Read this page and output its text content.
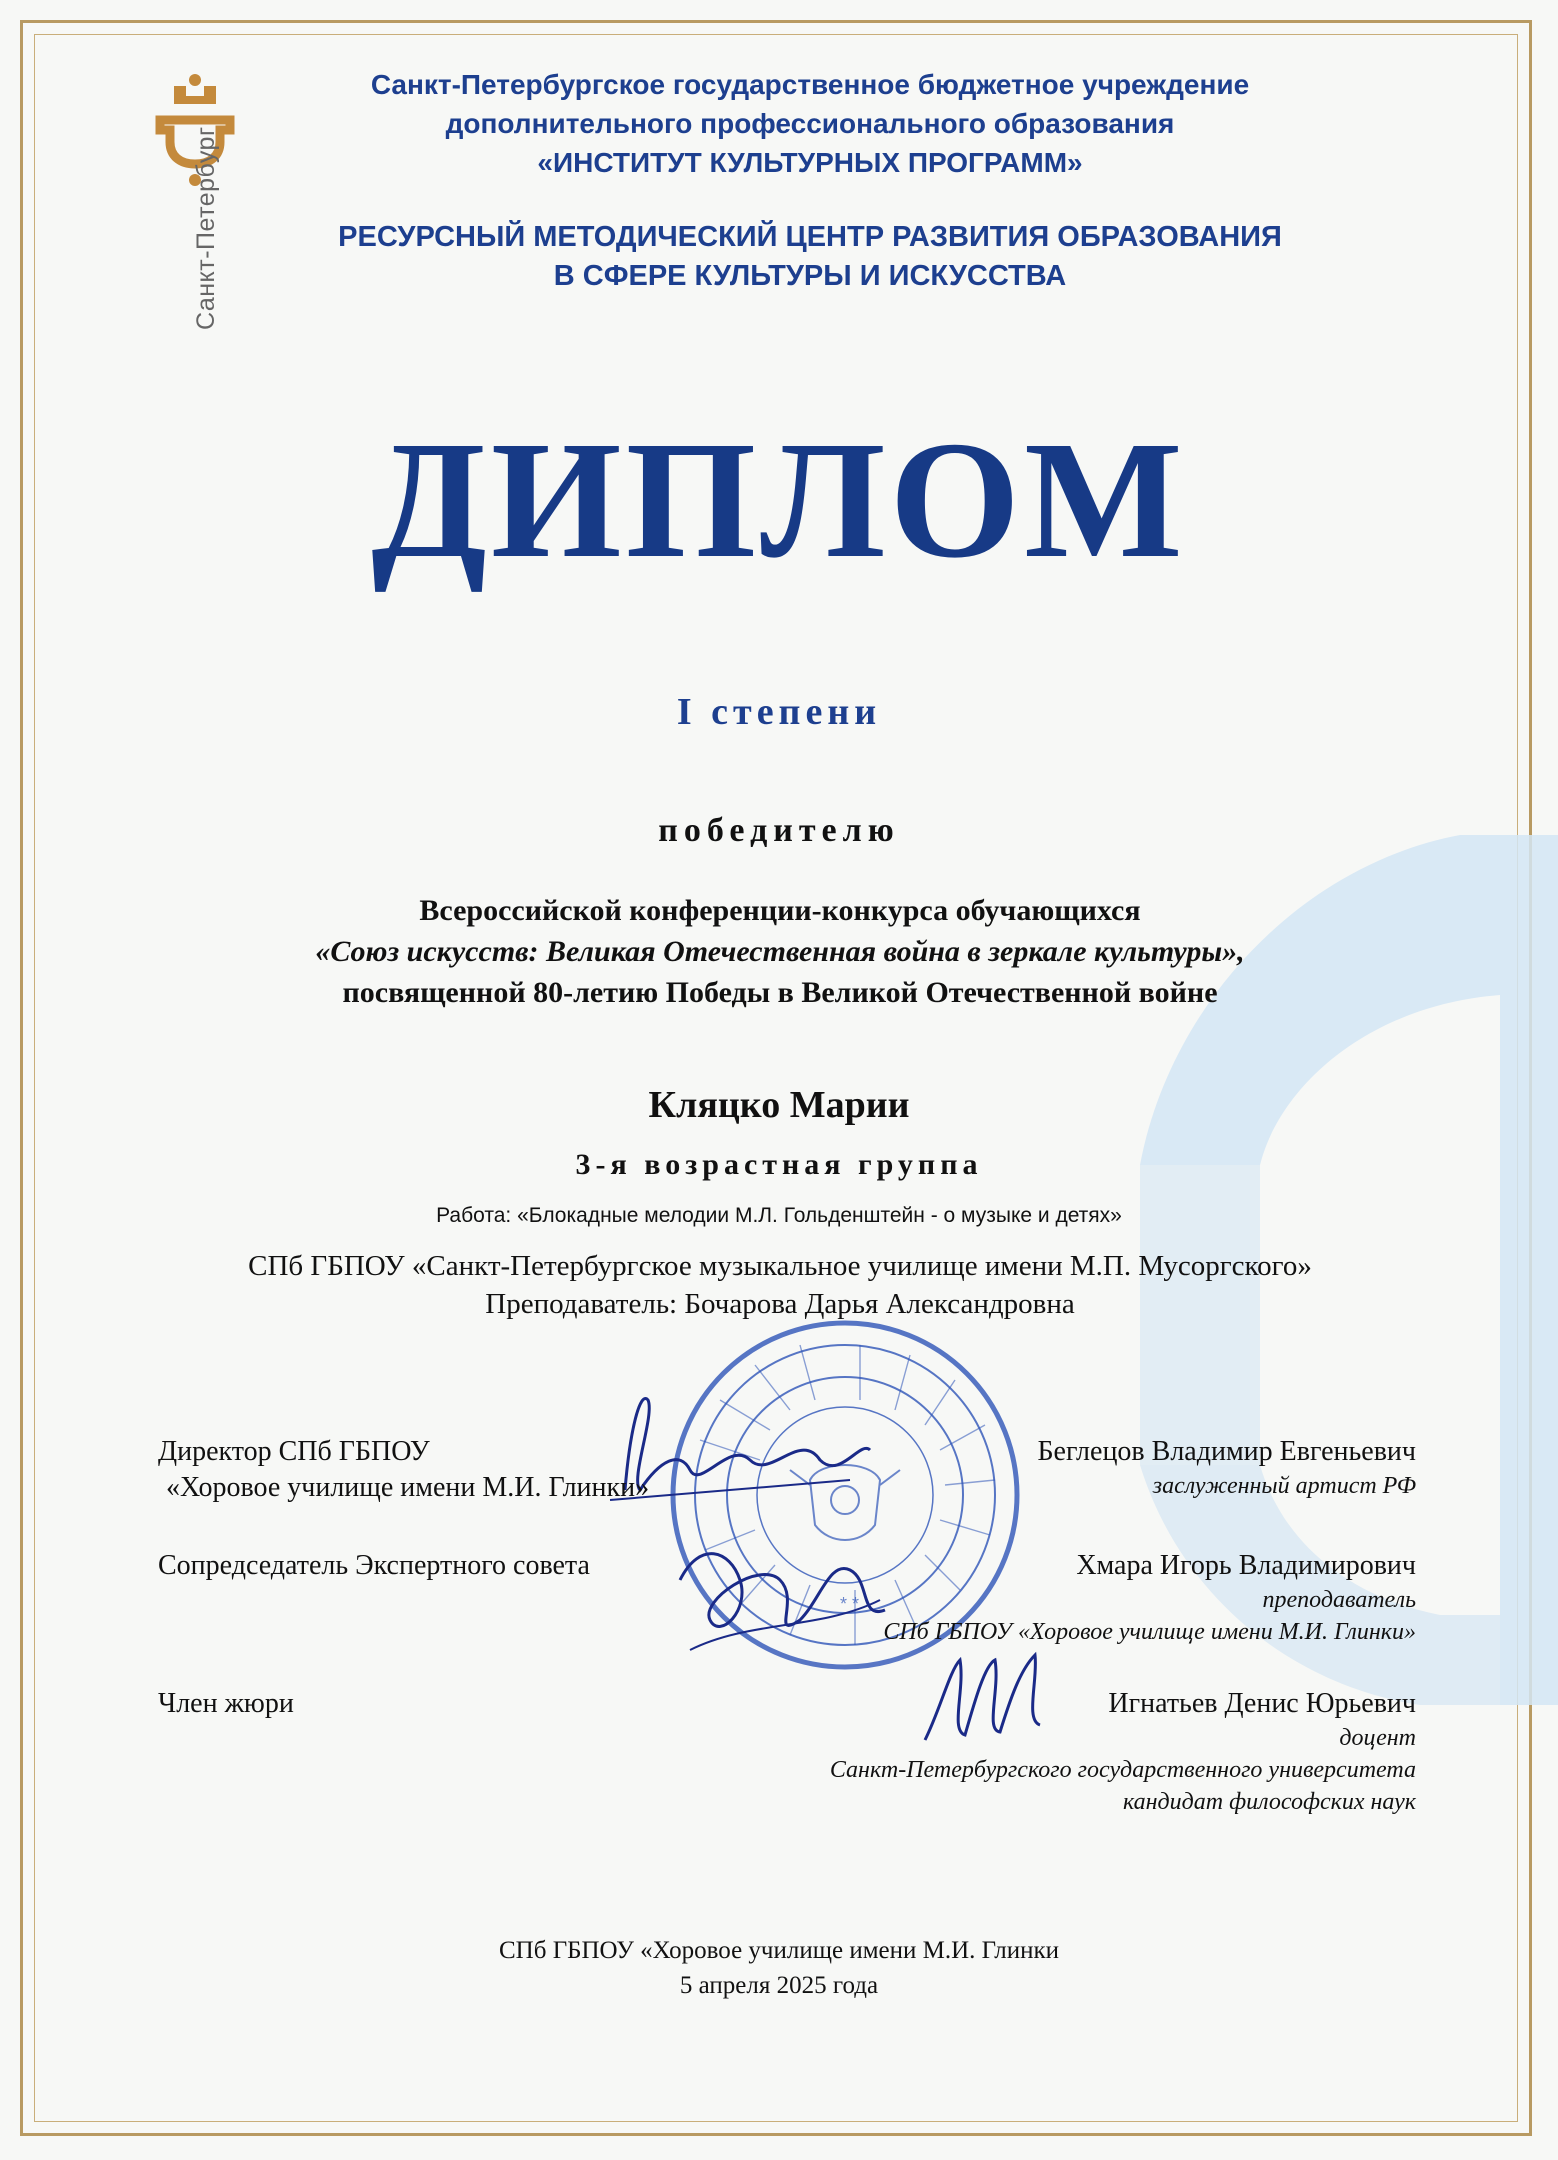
Санкт-Петербург
Санкт-Петербургское государственное бюджетное учреждение
дополнительного профессионального образования
«ИНСТИТУТ КУЛЬТУРНЫХ ПРОГРАММ»
РЕСУРСНЫЙ МЕТОДИЧЕСКИЙ ЦЕНТР РАЗВИТИЯ ОБРАЗОВАНИЯ
В СФЕРЕ КУЛЬТУРЫ И ИСКУССТВА
ДИПЛОМ
I степени
победителю
Всероссийской конференции-конкурса обучающихся
«Союз искусств: Великая Отечественная война в зеркале культуры»,
посвященной 80-летию Победы в Великой Отечественной войне
Кляцко Марии
3-я возрастная группа
Работа: «Блокадные мелодии М.Л. Гольденштейн - о музыке и детях»
СПб ГБПОУ «Санкт-Петербургское музыкальное училище имени М.П. Мусоргского»
Преподаватель: Бочарова Дарья Александровна
* *
Директор СПб ГБПОУ
«Хоровое училище имени М.И. Глинки»
Беглецов Владимир Евгеньевич
заслуженный артист РФ
Сопредседатель Экспертного совета	Хмара Игорь Владимирович
преподаватель
СПб ГБПОУ «Хоровое училище имени М.И. Глинки»
Член жюри	Игнатьев Денис Юрьевич
доцент
Санкт-Петербургского государственного университета
кандидат философских наук
СПб ГБПОУ «Хоровое училище имени М.И. Глинки
5 апреля 2025 года
